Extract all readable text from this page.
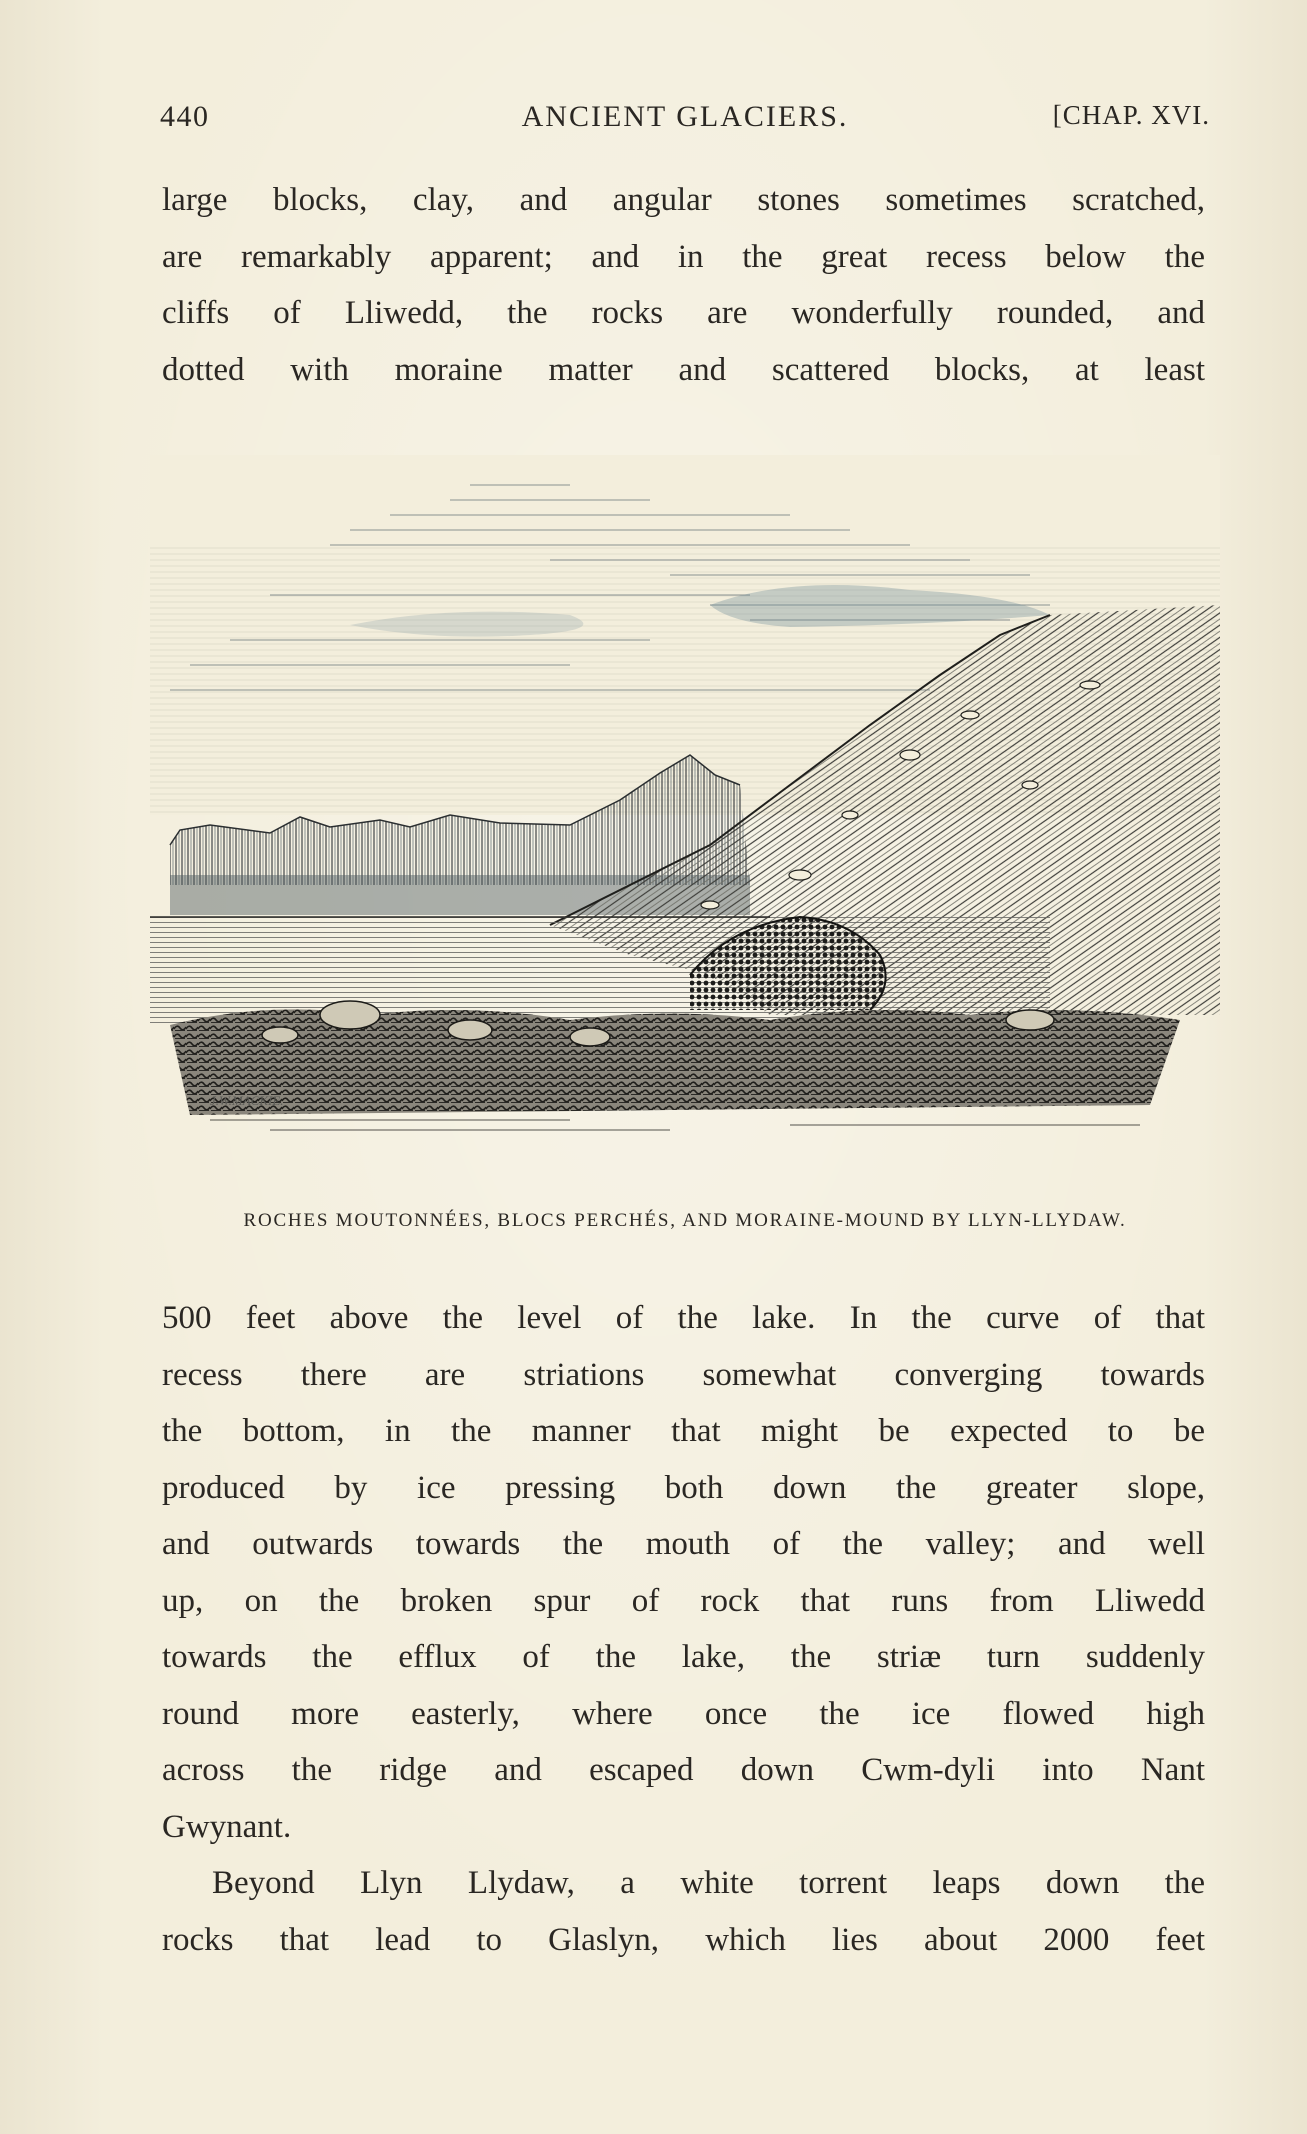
440	ANCIENT GLACIERS.	[CHAP. XVI.

large blocks, clay, and angular stones sometimes scratched,
are remarkably apparent; and in the great recess below the
cliffs of Lliwedd, the rocks are wonderfully rounded, and
dotted with moraine matter and scattered blocks, at least

J.W.MACKIE.
ROCHES MOUTONNÉES, BLOCS PERCHÉS, AND MORAINE-MOUND BY LLYN-LLYDAW.

500 feet above the level of the lake. In the curve of that
recess there are striations somewhat converging towards
the bottom, in the manner that might be expected to be
produced by ice pressing both down the greater slope,
and outwards towards the mouth of the valley; and well
up, on the broken spur of rock that runs from Lliwedd
towards the efflux of the lake, the striæ turn suddenly
round more easterly, where once the ice flowed high
across the ridge and escaped down Cwm-dyli into Nant
Gwynant.

Beyond Llyn Llydaw, a white torrent leaps down the
rocks that lead to Glaslyn, which lies about 2000 feet
